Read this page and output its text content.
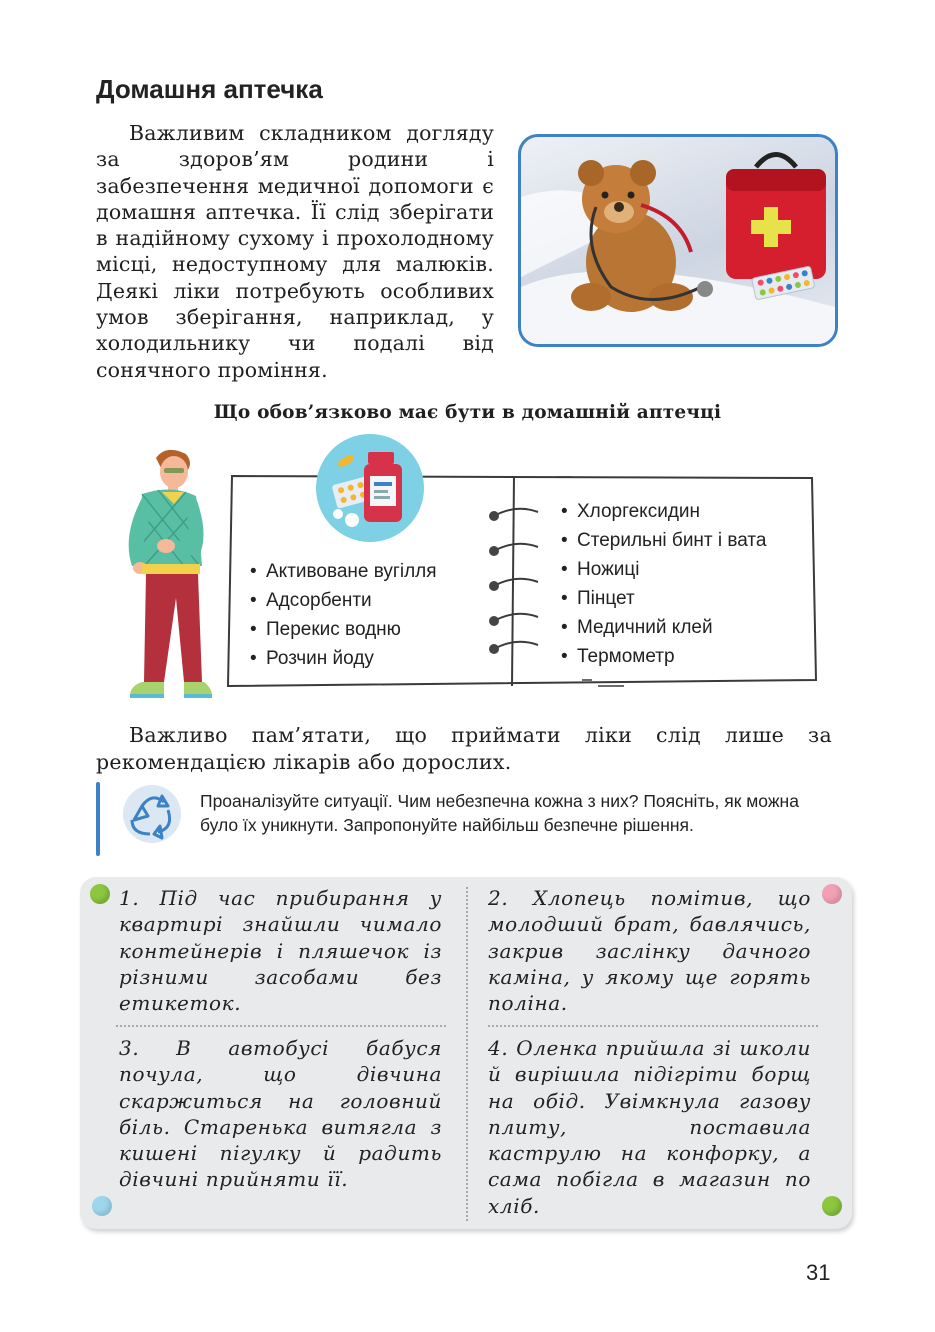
Домашня аптечка
Важливим складником догляду за здоров’ям родини і забезпечення медичної допомоги є домашня аптечка. Її слід зберігати в надійному сухому і прохолодному місці, недоступному для малюків. Деякі ліки потребують особливих умов зберігання, наприклад, у холодильнику чи подалі від сонячного проміння.
Що обов’язково має бути в домашній аптечці
• Активоване вугілля
• Адсорбенти
• Перекис водню
• Розчин йоду
• Хлоргексидин
• Стерильні бинт і вата
• Ножиці
• Пінцет
• Медичний клей
• Термометр
Важливо пам’ятати, що приймати ліки слід лише за рекомендацією лікарів або дорослих.
Проаналізуйте ситуації. Чим небезпечна кожна з них? Поясніть, як можна було їх уникнути. Запропонуйте найбільш безпечне рішення.
1. Під час прибирання у квартирі знайшли чимало контейнерів і пляшечок із різними засобами без етикеток.
2. Хлопець помітив, що молодший брат, бавлячись, закрив заслінку дачного каміна, у якому ще горять поліна.
3. В автобусі бабуся почула, що дівчина скаржиться на головний біль. Старенька витягла з кишені пігулку й радить дівчині прийняти її.
4. Оленка прийшла зі школи й вирішила підігріти борщ на обід. Увімкнула газову плиту, поставила каструлю на конфорку, а сама побігла в магазин по хліб.
31
